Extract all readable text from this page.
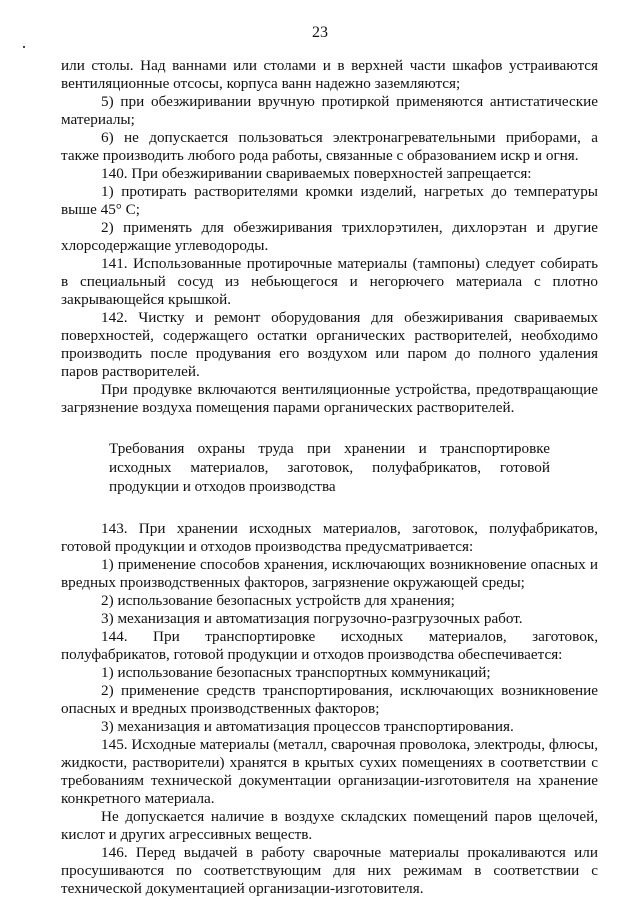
23

или столы. Над ваннами или столами и в верхней части шкафов устраиваются вентиляционные отсосы, корпуса ванн надежно заземляются;

5) при обезжиривании вручную протиркой применяются антистатические материалы;

6) не допускается пользоваться электронагревательными приборами, а также производить любого рода работы, связанные с образованием искр и огня.

140. При обезжиривании свариваемых поверхностей запрещается:

1) протирать растворителями кромки изделий, нагретых до температуры выше 45° С;

2) применять для обезжиривания трихлорэтилен, дихлорэтан и другие хлорсодержащие углеводороды.

141. Использованные протирочные материалы (тампоны) следует собирать в специальный сосуд из небьющегося и негорючего материала с плотно закрывающейся крышкой.

142. Чистку и ремонт оборудования для обезжиривания свариваемых поверхностей, содержащего остатки органических растворителей, необходимо производить после продувания его воздухом или паром до полного удаления паров растворителей.

При продувке включаются вентиляционные устройства, предотвращающие загрязнение воздуха помещения парами органических растворителей.

Требования охраны труда при хранении и транспортировке исходных материалов, заготовок, полуфабрикатов, готовой продукции и отходов производства

143. При хранении исходных материалов, заготовок, полуфабрикатов, готовой продукции и отходов производства предусматривается:

1) применение способов хранения, исключающих возникновение опасных и вредных производственных факторов, загрязнение окружающей среды;

2) использование безопасных устройств для хранения;

3) механизация и автоматизация погрузочно-разгрузочных работ.

144. При транспортировке исходных материалов, заготовок, полуфабрикатов, готовой продукции и отходов производства обеспечивается:

1) использование безопасных транспортных коммуникаций;

2) применение средств транспортирования, исключающих возникновение опасных и вредных производственных факторов;

3) механизация и автоматизация процессов транспортирования.

145. Исходные материалы (металл, сварочная проволока, электроды, флюсы, жидкости, растворители) хранятся в крытых сухих помещениях в соответствии с требованиям технической документации организации-изготовителя на хранение конкретного материала.

Не допускается наличие в воздухе складских помещений паров щелочей, кислот и других агрессивных веществ.

146. Перед выдачей в работу сварочные материалы прокаливаются или просушиваются по соответствующим для них режимам в соответствии с технической документацией организации-изготовителя.
